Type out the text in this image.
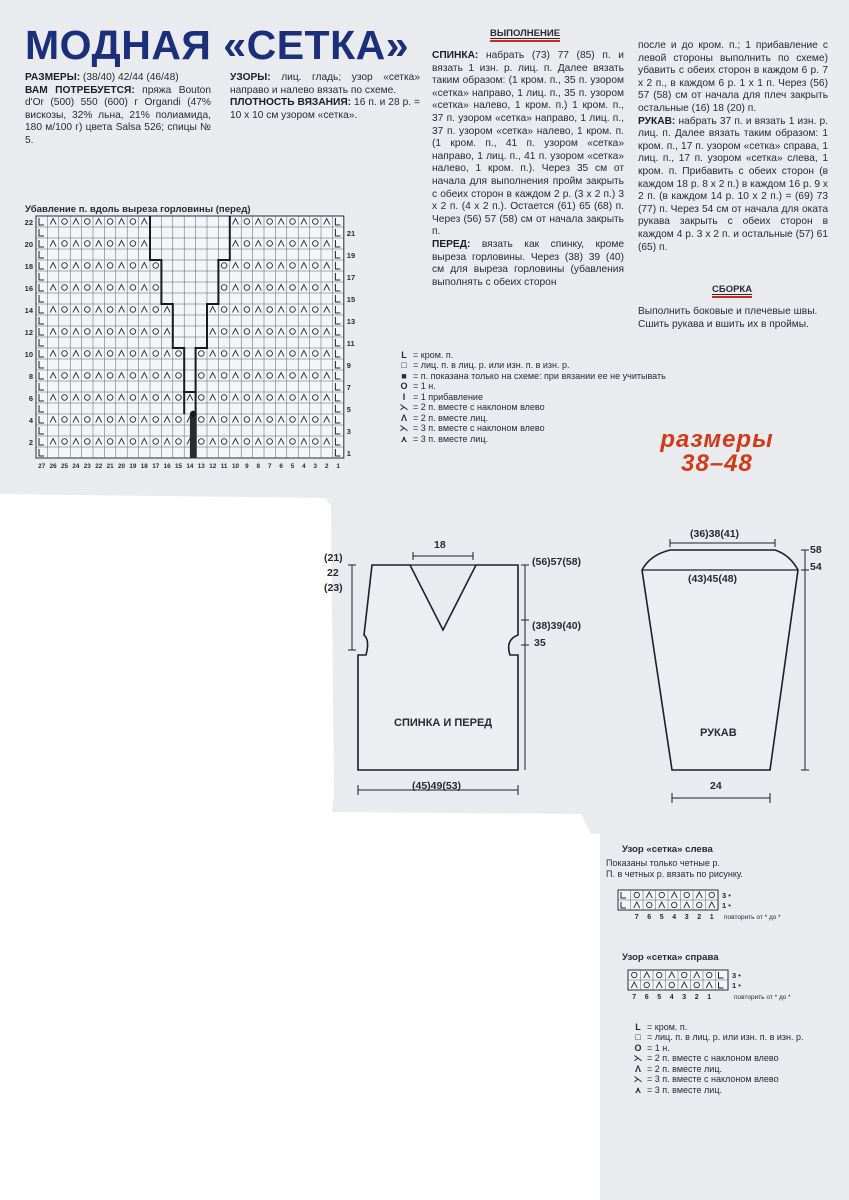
МОДНАЯ «СЕТКА»

РАЗМЕРЫ: (38/40) 42/44 (46/48)

ВАМ ПОТРЕБУЕТСЯ: пряжа Bouton d'Or (500) 550 (600) г Organdi (47% вискозы, 32% льна, 21% полиамида, 180 м/100 г) цвета Salsa 526; спицы № 5.

УЗОРЫ: лиц. гладь; узор «сетка» направо и налево вязать по схеме.

ПЛОТНОСТЬ ВЯЗАНИЯ: 16 п. и 28 р. = 10 x 10 см узором «сетка».

ВЫПОЛНЕНИЕ

СПИНКА: набрать (73) 77 (85) п. и вязать 1 изн. р. лиц. п. Далее вязать таким образом: (1 кром. п., 35 п. узором «сетка» направо, 1 лиц. п., 35 п. узором «сетка» налево, 1 кром. п.) 1 кром. п., 37 п. узором «сетка» направо, 1 лиц. п., 37 п. узором «сетка» налево, 1 кром. п. (1 кром. п., 41 п. узором «сетка» направо, 1 лиц. п., 41 п. узором «сетка» налево, 1 кром. п.). Через 35 см от начала для выполнения пройм закрыть с обеих сторон в каждом 2 р. (3 x 2 п.) 3 x 2 п. (4 x 2 п.). Остается (61) 65 (68) п. Через (56) 57 (58) см от начала закрыть п.

ПЕРЕД: вязать как спинку, кроме выреза горловины. Через (38) 39 (40) см для выреза горловины (убавления выполнять с обеих сторон

после и до кром. п.; 1 прибавление с левой стороны выполнить по схеме) убавить с обеих сторон в каждом 6 р. 7 x 2 п., в каждом 6 р. 1 x 1 п. Через (56) 57 (58) см от начала для плеч закрыть остальные (16) 18 (20) п.

РУКАВ: набрать 37 п. и вязать 1 изн. р. лиц. п. Далее вязать таким образом: 1 кром. п., 17 п. узором «сетка» справа, 1 лиц. п., 17 п. узором «сетка» слева, 1 кром. п. Прибавить с обеих сторон (в каждом 18 р. 8 x 2 п.) в каждом 16 р. 9 x 2 п. (в каждом 14 р. 10 x 2 п.) = (69) 73 (77) п. Через 54 см от начала для оката рукава закрыть с обеих сторон в каждом 4 р. 3 x 2 п. и остальные (57) 61 (65) п.

СБОРКА
Выполнить боковые и плечевые швы. Сшить рукава и вшить их в проймы.
Убавление п. вдоль выреза горловины (перед)
22
20
18
16
14
12
10
8
6
4
2
21
19
17
15
13
11
9
7
5
3
1
27 26 25 24 23 22 21 20 19 18 17 16 15 14 13 12 11 10 9 8 7 6 5 4 3 2 1
L = кром. п.
□ = лиц. п. в лиц. р. или изн. п. в изн. р.
■ = п. показана только на схеме: при вязании ее не учитывать
O = 1 н.
I = 1 прибавление
⋋ = 2 п. вместе с наклоном влево
Λ = 2 п. вместе лиц.
⋋ = 3 п. вместе с наклоном влево
⋏ = 3 п. вместе лиц.	размеры
38–48
18
(21)
22
(23)
(56)57(58)
(38)39(40)
35
СПИНКА И ПЕРЕД
(45)49(53)
(36)38(41)
(43)45(48)
58
54
РУКАВ
24
Узор «сетка» слева
Показаны только четные р.
П. в четных р. вязать по рисунку.
3 •
1 •
7 6 5 4 3 2 1 повторить от * до *
Узор «сетка» справа
3 •
1 •
7 6 5 4 3 2 1	повторить от * до *
L = кром. п.
□ = лиц. п. в лиц. р. или изн. п. в изн. р.
O = 1 н.
⋋ = 2 п. вместе с наклоном влево
Λ = 2 п. вместе лиц.
⋋ = 3 п. вместе с наклоном влево
⋏ = 3 п. вместе лиц.
